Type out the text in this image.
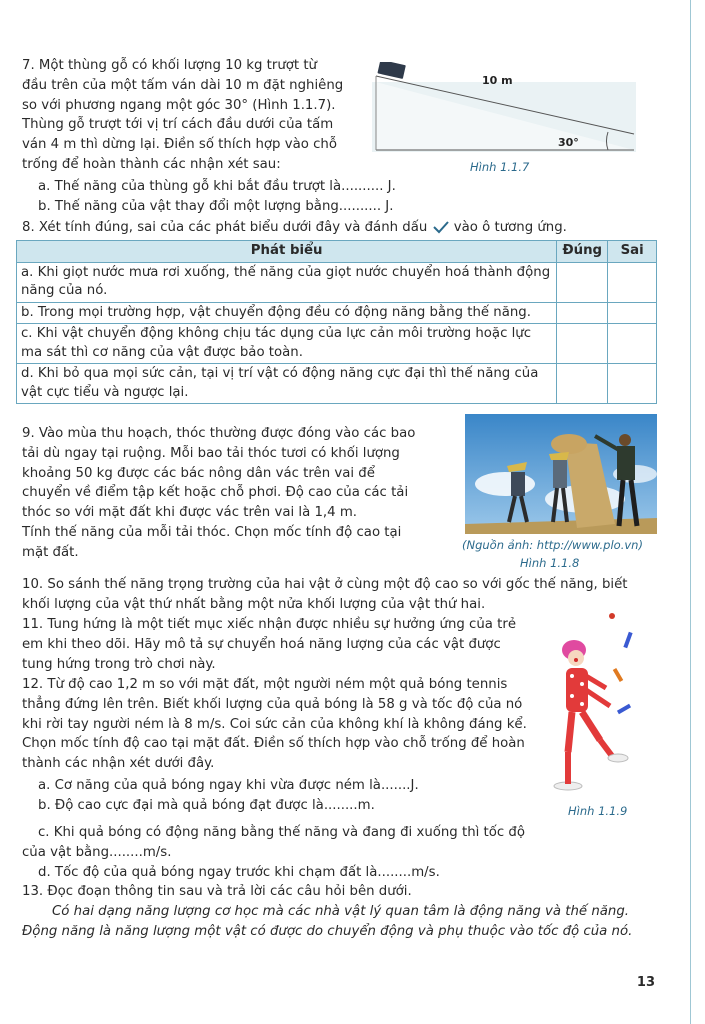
7. Một thùng gỗ có khối lượng 10 kg trượt từ

đầu trên của một tấm ván dài 10 m đặt nghiêng

so với phương ngang một góc 30° (Hình 1.1.7).

Thùng gỗ trượt tới vị trí cách đầu dưới của tấm

ván 4 m thì dừng lại. Điền số thích hợp vào chỗ

trống để hoàn thành các nhận xét sau:

a. Thế năng của thùng gỗ khi bắt đầu trượt là.......... J.

b. Thế năng của vật thay đổi một lượng bằng.......... J.

10 m
30°
Hình 1.1.7
8. Xét tính đúng, sai của các phát biểu dưới đây và đánh dấu vào ô tương ứng.
Phát biểu	Đúng	Sai
a. Khi giọt nước mưa rơi xuống, thế năng của giọt nước chuyển hoá thành động năng của nó.		
b. Trong mọi trường hợp, vật chuyển động đều có động năng bằng thế năng.		
c. Khi vật chuyển động không chịu tác dụng của lực cản môi trường hoặc lực ma sát thì cơ năng của vật được bảo toàn.		
d. Khi bỏ qua mọi sức cản, tại vị trí vật có động năng cực đại thì thế năng của vật cực tiểu và ngược lại.		

9. Vào mùa thu hoạch, thóc thường được đóng vào các bao

tải dù ngay tại ruộng. Mỗi bao tải thóc tươi có khối lượng

khoảng 50 kg được các bác nông dân vác trên vai để

chuyển về điểm tập kết hoặc chỗ phơi. Độ cao của các tải

thóc so với mặt đất khi được vác trên vai là 1,4 m.

Tính thế năng của mỗi tải thóc. Chọn mốc tính độ cao tại

mặt đất.	(Nguồn ảnh: http://www.plo.vn)
Hình 1.1.8

10. So sánh thế năng trọng trường của hai vật ở cùng một độ cao so với gốc thế năng, biết

khối lượng của vật thứ nhất bằng một nửa khối lượng của vật thứ hai.

11. Tung hứng là một tiết mục xiếc nhận được nhiều sự hưởng ứng của trẻ

em khi theo dõi. Hãy mô tả sự chuyển hoá năng lượng của các vật được

tung hứng trong trò chơi này.

12. Từ độ cao 1,2 m so với mặt đất, một người ném một quả bóng tennis

thẳng đứng lên trên. Biết khối lượng của quả bóng là 58 g và tốc độ của nó

khi rời tay người ném là 8 m/s. Coi sức cản của không khí là không đáng kể.

Chọn mốc tính độ cao tại mặt đất. Điền số thích hợp vào chỗ trống để hoàn

thành các nhận xét dưới đây.

a. Cơ năng của quả bóng ngay khi vừa được ném là.......J.

b. Độ cao cực đại mà quả bóng đạt được là........m.

c. Khi quả bóng có động năng bằng thế năng và đang đi xuống thì tốc độ

của vật bằng........m/s.

d. Tốc độ của quả bóng ngay trước khi chạm đất là........m/s.

Hình 1.1.9

13. Đọc đoạn thông tin sau và trả lời các câu hỏi bên dưới.

Có hai dạng năng lượng cơ học mà các nhà vật lý quan tâm là động năng và thế năng.

Động năng là năng lượng một vật có được do chuyển động và phụ thuộc vào tốc độ của nó.

13
